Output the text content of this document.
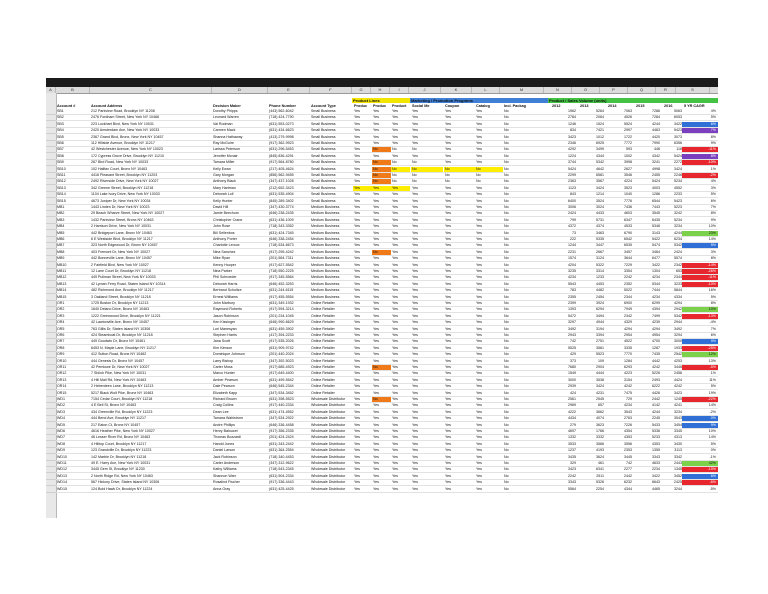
A	B	C	D	E	F	G	H	I	J	K	L	M	N	O	P	Q	R	S
Product Lines	Marketing / Promotion Programs	Product / Sales Volume (units)
Account #	Account Address	Decision Maker	Phone Number	Account Type	Produc	Produc	Product	Social Me	Coupon	Catalog	Incl. Packag	2012	2013	2014	2015	2016	5 YR CAGR
SB1	212 Parkview Road, Brooklyn NY 11208	Dorothy Phipps	(443) 562-6042	Small Business	Yes	Yes	Yes	Yes	Yes	Yes	No	1962	5264	7063	7286	5063	4%
SB2	2476 Fordham Street, New York NY 10468	Leonard Warren	(718) 424-7790	Small Business	Yes	Yes	Yes	Yes	Yes	Yes	No	2784	2064	4526	7284	6053	5%
SB3	223 Lockhart Blvd, New York NY 10031	Val Rodman	(631) 553-0273	Small Business	Yes	Yes	Yes	Yes	Yes	Yes	No	1246	1524	5524	4244	3422	6%
SB4	2420 Amsterdam Ave, New York NY 10033	Carmen Mack	(631) 434-6623	Small Business	Yes	Yes	Yes	Yes	Yes	Yes	No	834	7421	2997	4463	5423	7%
SB5	2367 Grand Blvd, Bronx, New York NY 10457	Shanna Hathaway	(413) 279-9998	Small Business	Yes	Yes	Yes	Yes	Yes	Yes	No	3423	1012	1722	4420	3073	8%
SB6	112 Hillside Avenue, Brooklyn NY 11217	Ray McGuire	(917) 362-9923	Small Business	Yes	Yes	Yes	Yes	Yes	Yes	No	2346	6925	7772	7990	6356	9%
SB7	42 Westchester Avenue, New York NY 10023	Larissa Peterson	(631) 296-5453	Small Business	Yes	No	No	No	Yes	Yes	No	4292	3499	593	446	116	-11%
SB8	172 Cypress Grove Drive, Brooklyn NY 11210	Jennifer Mcnair	(845) 836-4291	Small Business	Yes	Yes	Yes	Yes	Yes	Yes	No	1224	4344	1002	4342	5424	8%
SB9	267 Bird Road, New York NY 10033	Tamara Miller	(917) 564-8780	Small Business	Yes	No	No	No	Yes	Yes	No	3744	5342	3998	3241	2272	-10%
SB10	102 Halifax Court, Bronx NY 10463	Kelly Ewan	(217) 405-4624	Small Business	Yes	No	No	No	No	No	No	5424	4642	2627	4998	3424	1%
SB11	4416 Pleasant Street, Brooklyn NY 11203	Gary Morgan	(856) 562-9455	Small Business	Yes	No	No	No	No	No	No	2299	6581	3546	2455	2246	-2%
SB12	2492 Riverside Drive, New York NY 10027	Anthony Black	(347) 437-1028	Small Business	Yes	No	No	No	No	No	No	2363	3567	4224	5424	5234	4%
SB13	342 Greene Street, Brooklyn NY 11218	Mary Hartman	(212) 652-3423	Small Business	Yes	Yes	Yes	Yes	Yes	Yes	No	1123	3424	3523	4003	4552	3%
SB14	1104 Lake Ivory Drive, New York NY 10033	Deborah Loll	(631) 535-4904	Small Business	Yes	Yes	Yes	Yes	Yes	Yes	No	843	1214	1040	1286	2233	5%
SB15	4673 Juniper Dr, New York NY 10034	Kelly Hunter	(845) 289-3402	Small Business	Yes	Yes	Yes	Yes	Yes	Yes	No	6400	3524	7776	6544	5423	6%
MB1	1443 Linden Dr, New York NY 10023	David Hill	(347) 430-3774	Medium Business	Yes	Yes	Yes	Yes	Yes	Yes	No	3006	3024	7436	7443	5223	7%
MB2	29 Beach Wharve Street, New York NY 10027	Jamie Beechum	(646) 238-2435	Medium Business	Yes	Yes	Yes	Yes	Yes	Yes	No	2424	4433	4603	3545	3242	8%
MB3	1432 Parkview Street, Bronx NY 10463	Christopher Crane	(631) 436-1009	Medium Business	Yes	Yes	Yes	Yes	Yes	Yes	No	799	5731	6347	6435	5234	9%
MB4	2 Harrison Drive, New York NY 10031	John Rose	(718) 343-3352	Medium Business	Yes	Yes	Yes	Yes	Yes	Yes	No	4372	4374	4533	5346	3234	10%
MB5	442 Bridgeport Lane, Bronx NY 10463	Bill Sellenbos	(631) 424-7345	Medium Business	Yes	Yes	Yes	Yes	Yes	Yes	No	73	3463	6790	3143	4244	23%
MB6	6 E Westside Blvd, Brooklyn NY 11217	Anthony Porter	(646) 338-2454	Medium Business	Yes	Yes	Yes	Yes	Yes	Yes	No	222	5335	6542	5422	6234	14%
MB7	323 North Edgewood Dr, Bronx NY 10457	Charlotte Leroux	(718) 534-6673	Medium Business	Yes	Yes	Yes	Yes	Yes	Yes	No	1244	3447	6535	5474	5342	5%
MB8	403 Fremont Dr, New York NY 10027	Nina Sanchez	(917) 295-4242	Medium Business	Yes	No	Yes	Yes	Yes	Yes	No	2231	2667	3457	3464	2424	3%
MB9	442 Bonneville Lane, Bronx NY 10457	Mike Ryan	(201) 564-7311	Medium Business	Yes	Yes	Yes	Yes	Yes	Yes	No	1574	3124	3644	6477	5574	8%
MB10	2 Fairfield Blvd, New York NY 10027	Kenny Hooper	(917) 627-5542	Medium Business	Yes	Yes	Yes	Yes	Yes	Yes	No	4204	5322	7229	3422	2342	-14%
MB11	12 Lane Court Dr, Brooklyn NY 11218	Nina Parker	(718) 550-2225	Medium Business	Yes	Yes	Yes	Yes	Yes	Yes	No	3235	3314	3354	1304	653	-26%
MB12	449 Pullman Street, New York NY 10033	Phil Schroeder	(917) 345-5564	Medium Business	Yes	Yes	Yes	Yes	Yes	Yes	No	4234	1233	2242	4234	2344	-11%
MB13	42 Lyman Ferry Road, Staten Island NY 10314	Deborah Harris	(646) 452-3253	Medium Business	Yes	Yes	Yes	Yes	Yes	Yes	No	5543	4453	2352	5344	3233	-10%
MB14	482 Richmond Ave, Brooklyn NY 11217	Bertrand Schultze	(631) 244-6115	Medium Business	Yes	Yes	Yes	Yes	Yes	Yes	No	783	4482	5022	7444	5844	16%
MB15	3 Oakland Street, Brooklyn NY 11218	Ernest Williams	(917) 455-5554	Medium Business	Yes	Yes	Yes	Yes	Yes	Yes	No	2355	2454	2344	4234	4334	5%
OR1	1725 Boston Dr, Brooklyn NY 11213	John Marbury	(631) 349-1932	Online Retailer	Yes	Yes	Yes	Yes	Yes	Yes	No	2399	3924	6900	6299	4294	8%
OR2	1640 Delano Drive, Bronx NY 10463	Raymond Roberts	(917) 594-3214	Online Retailer	Yes	Yes	Yes	Yes	Yes	Yes	No	1393	6294	7949	4394	2942	10%
OR3	1222 Greenwood Drive, Brooklyn NY 11221	Jason Robinson	(201) 234-1045	Online Retailer	Yes	Yes	Yes	Yes	Yes	Yes	No	5472	3494	2342	7499	5342	-13%
OR4	42 Lawtonville Ave, Bronx NY 10457	Ken Kissinger	(646) 990-6629	Online Retailer	Yes	Yes	Yes	Yes	Yes	Yes	No	3297	4944	4329	4239	2944	-4%
OR5	763 Gillis Dr, Staten Island NY 10306	Lori Manesyan	(631) 459-3902	Online Retailer	Yes	Yes	Yes	Yes	Yes	Yes	No	3492	3194	4294	4294	3492	7%
OR6	424 Steamboat Dr, Brooklyn NY 11218	Stephen Harris	(417) 394-2233	Online Retailer	Yes	Yes	Yes	Yes	Yes	Yes	No	2943	3394	2954	4954	3294	6%
OR7	449 Goodwin Dr, Bronx NY 10461	Jana Scott	(917) 535-2026	Online Retailer	Yes	Yes	Yes	Yes	Yes	Yes	No	742	2751	4522	4700	3000	9%
OR8	6453 N. Maple Lane, Brooklyn NY 11217	Kim Kimson	(631) 909-9742	Online Retailer	Yes	Yes	Yes	Yes	Yes	Yes	No	5525	3581	3335	1287	1933	-25%
OR9	412 Sutton Road, Bronx NY 10462	Dominique Johnson	(201) 440-2024	Online Retailer	Yes	Yes	Yes	Yes	Yes	Yes	No	429	5523	7770	7435	2542	12%
OR10	444 Genesis Dr, Bronx NY 10457	Larry Bishop	(347) 392-5023	Online Retailer	Yes	Yes	Yes	Yes	Yes	Yes	No	373	109	1284	4442	4253	13%
OR11	42 Pemlowe Dr, New York NY 10027	Carter Moss	(917) 685-4923	Online Retailer	Yes	No	Yes	Yes	Yes	Yes	No	7680	2904	6293	4242	3446	-5%
OR12	7 Shiloh Pike, New York NY 10031	Marco Hunter	(917) 649-4400	Online Retailer	Yes	Yes	Yes	Yes	Yes	Yes	No	1549	4444	4223	5226	2456	1%
OR13	4 Hill Mall Rd, New York NY 10463	Amber Pearson	(631) 499-5542	Online Retailer	Yes	Yes	Yes	Yes	Yes	Yes	No	3000	3538	3154	2493	4424	11%
OR14	2 Heberdeen Lane, Brooklyn NY 11213	Dale Pearson	(646) 545-2344	Online Retailer	Yes	Yes	Yes	Yes	Yes	Yes	No	2939	3424	4242	6222	4242	5%
OR15	5217 Black Wolf Pike, Bronx NY 10463	Elizabeth Kapp	(347) 534-3452	Online Retailer	Yes	Yes	Yes	Yes	Yes	Yes	No	424	4231	7475	4426	3423	19%
WD1	7154 Cedar Court, Brooklyn NY 11218	Richard Brown	(631) 398-5523	Wholesale Distributor	Yes	No	Yes	Yes	Yes	Yes	No	2561	2545	729	2442	1245	-22%
WD2	4 E Bell St, Bronx NY 10463	Craig Collins	(917) 440-2334	Wholesale Distributor	Yes	Yes	Yes	Yes	Yes	Yes	No	2969	657	4234	4142	4241	14%
WD3	434 Greenville Rd, Brooklyn NY 11223	Dean Lee	(631) 474-4552	Wholesale Distributor	Yes	Yes	Yes	Yes	Yes	Yes	No	4222	3662	3543	4244	3234	-2%
WD4	444 Bend Ave, Brooklyn NY 11217	Tamara Wahlstrom	(347) 534-2922	Wholesale Distributor	Yes	Yes	Yes	Yes	Yes	Yes	No	4434	4074	2763	2245	3543	0%
WD5	217 Eaton Ct, Bronx NY 10457	Andre Phillips	(646) 336-4458	Wholesale Distributor	Yes	Yes	Yes	Yes	Yes	Yes	No	279	3623	7226	5433	3454	9%
WD6	4616 Heather Pike, New York NY 10027	Henry Baloucet	(917) 356-2335	Wholesale Distributor	Yes	Yes	Yes	Yes	Yes	Yes	No	4697	1766	4354	5336	3345	10%
WD7	46 Lesser River Rd, Bronx NY 10463	Thomas Bozzardi	(201) 424-2424	Wholesale Distributor	Yes	Yes	Yes	Yes	Yes	Yes	No	1332	3332	4353	5233	4313	14%
WD8	4 Hilltop Court, Brooklyn NY 11217	Harold Jones	(631) 343-2442	Wholesale Distributor	Yes	Yes	Yes	Yes	Yes	Yes	No	3533	3566	3556	4353	3430	5%
WD9	123 Grandville Dr, Brooklyn NY 11223	Daniel Larson	(631) 364-2554	Wholesale Distributor	Yes	Yes	Yes	Yes	Yes	Yes	No	1237	4193	2353	1355	3113	0%
WD10	142 Marble Dr, Brooklyn NY 11218	Jack Robinson	(718) 340-4453	Wholesale Distributor	Yes	Yes	Yes	Yes	Yes	Yes	No	3435	3624	3445	3343	3342	-1%
WD11	49 E. Harry Ave, New York NY 10031	Carter Anderson	(347) 312-9622	Wholesale Distributor	Yes	Yes	Yes	Yes	Yes	Yes	No	329	461	742	4633	2443	42%
WD12	3445 Gem St, Brooklyn NY 11230	Kathy Williams	(718) 543-2345	Wholesale Distributor	Yes	Yes	Yes	Yes	Yes	Yes	No	3423	6341	2277	2234	1345	-19%
WD13	2 North Ridge Rd, New York NY 10463	Shannon Warr	(631) 504-2334	Wholesale Distributor	Yes	Yes	Yes	Yes	Yes	Yes	No	2242	2511	2442	3422	3452	6%
WD14	567 Hickory Drive, Staten Island NY 10306	Rosalind Fischer	(917) 336-4443	Wholesale Distributor	Yes	Yes	Yes	Yes	Yes	Yes	No	3343	5326	6232	6643	2425	-6%
WD15	124 Bold Hawk Dr, Brooklyn NY 11224	Anna Gray	(631) 425-4425	Wholesale Distributor	Yes	Yes	Yes	Yes	Yes	Yes	No	5564	2254	4344	4465	3244	-5%
